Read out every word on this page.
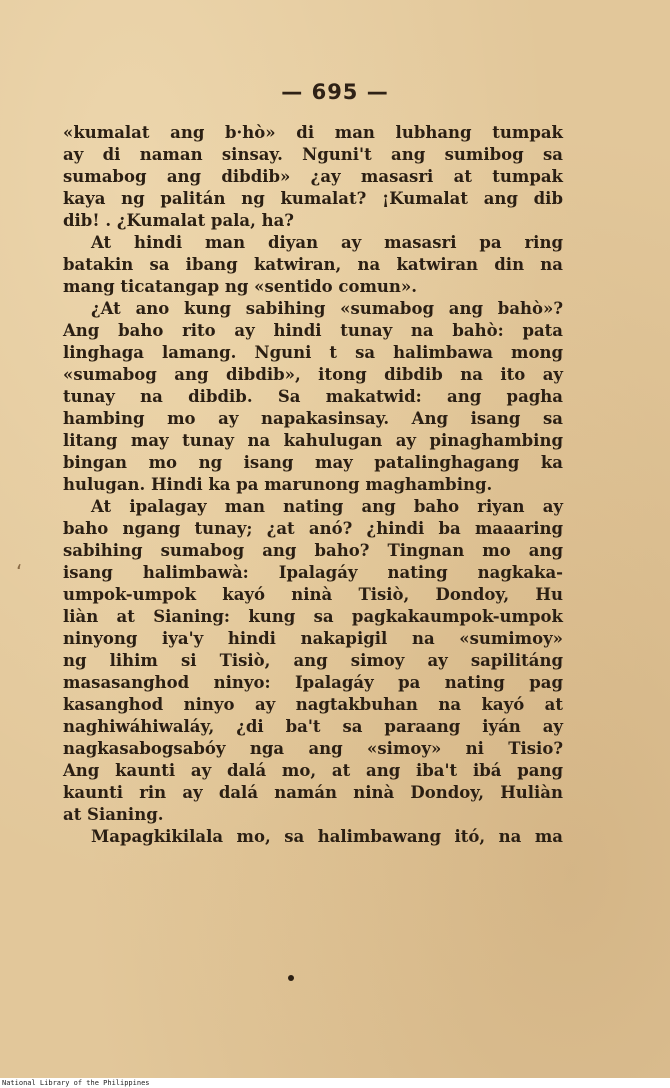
— 695 —
ʻ
«kumalat ang b·hò» di man lubhang tumpak
ay di naman sinsay. Nguni't ang sumibog sa
sumabog ang dibdib» ¿ay masasri at tumpak
kaya ng palitán ng kumalat? ¡Kumalat ang dib
dib! . ¿Kumalat pala, ha?
At hindi man diyan ay masasri pa ring
batakin sa ibang katwiran, na katwiran din na
mang ticatangap ng «sentido comun».
¿At ano kung sabihing «sumabog ang bahò»?
Ang baho rito ay hindi tunay na bahò: pata
linghaga lamang. Nguni t sa halimbawa mong
«sumabog ang dibdib», itong dibdib na ito ay
tunay na dibdib. Sa makatwid: ang pagha
hambing mo ay napakasinsay. Ang isang sa
litang may tunay na kahulugan ay pinaghambing
bingan mo ng isang may patalinghagang ka
hulugan. Hindi ka pa marunong maghambing.
At ipalagay man nating ang baho riyan ay
baho ngang tunay; ¿at anó? ¿hindi ba maaaring
sabihing sumabog ang baho? Tingnan mo ang
isang halimbawà: Ipalagáy nating nagkaka-
umpok-umpok kayó ninà Tisiò, Dondoy, Hu
liàn at Sianing: kung sa pagkakaumpok-umpok
ninyong iya'y hindi nakapigil na «sumimoy»
ng lihim si Tisiò, ang simoy ay sapilitáng
masasanghod ninyo: Ipalagáy pa nating pag
kasanghod ninyo ay nagtakbuhan na kayó at
naghiwáhiwaláy, ¿di ba't sa paraang iyán ay
nagkasabogsabóy nga ang «simoy» ni Tisio?
Ang kaunti ay dalá mo, at ang iba't ibá pang
kaunti rin ay dalá namán ninà Dondoy, Huliàn
at Sianing.
Mapagkikilala mo, sa halimbawang itó, na ma
National Library of the Philippines
